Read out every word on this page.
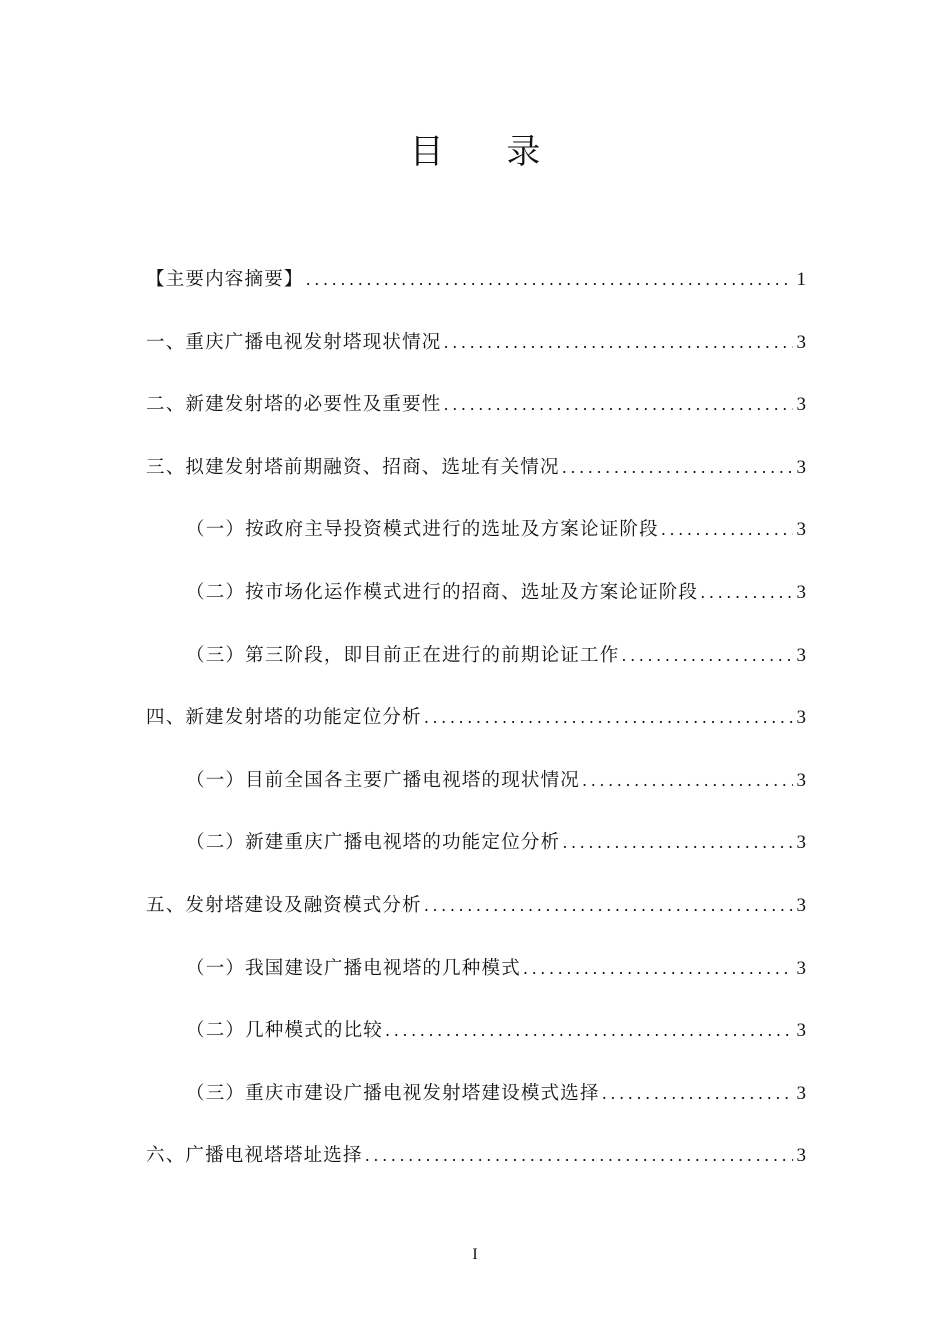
目 录
【主要内容摘要】 .....	1
一、重庆广播电视发射塔现状情况 .....	3
二、新建发射塔的必要性及重要性 .....	3
三、拟建发射塔前期融资、招商、选址有关情况 .....	3
（一）按政府主导投资模式进行的选址及方案论证阶段 .....	3
（二）按市场化运作模式进行的招商、选址及方案论证阶段 .....	3
（三）第三阶段，即目前正在进行的前期论证工作 .....	3
四、新建发射塔的功能定位分析 .....	3
（一）目前全国各主要广播电视塔的现状情况 .....	3
（二）新建重庆广播电视塔的功能定位分析 .....	3
五、发射塔建设及融资模式分析 .....	3
（一）我国建设广播电视塔的几种模式 .....	3
（二）几种模式的比较 .....	3
（三）重庆市建设广播电视发射塔建设模式选择 .....	3
六、广播电视塔塔址选择 .....	3
I
